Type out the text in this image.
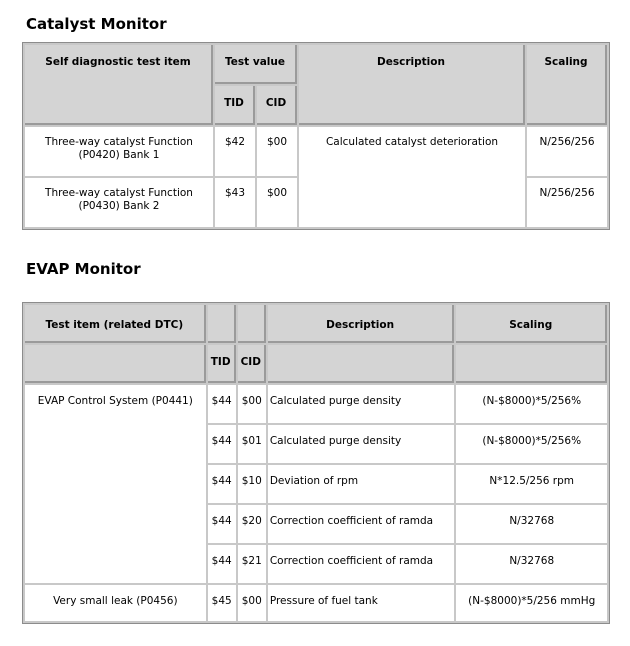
Catalyst Monitor
Self diagnostic test item	Test value		Description	Scaling
	TID	CID		
Three-way catalyst Function (P0420) Bank 1	$42	$00	Calculated catalyst deterioration	N/256/256
Three-way catalyst Function (P0430) Bank 2	$43	$00		N/256/256
EVAP Monitor
Test item (related DTC)			Description	Scaling
	TID	CID		
EVAP Control System (P0441)	$44	$00	Calculated purge density	(N-$8000)*5/256%
	$44	$01	Calculated purge density	(N-$8000)*5/256%
	$44	$10	Deviation of rpm	N*12.5/256 rpm
	$44	$20	Correction coefficient of ramda	N/32768
	$44	$21	Correction coefficient of ramda	N/32768
Very small leak (P0456)	$45	$00	Pressure of fuel tank	(N-$8000)*5/256 mmHg
